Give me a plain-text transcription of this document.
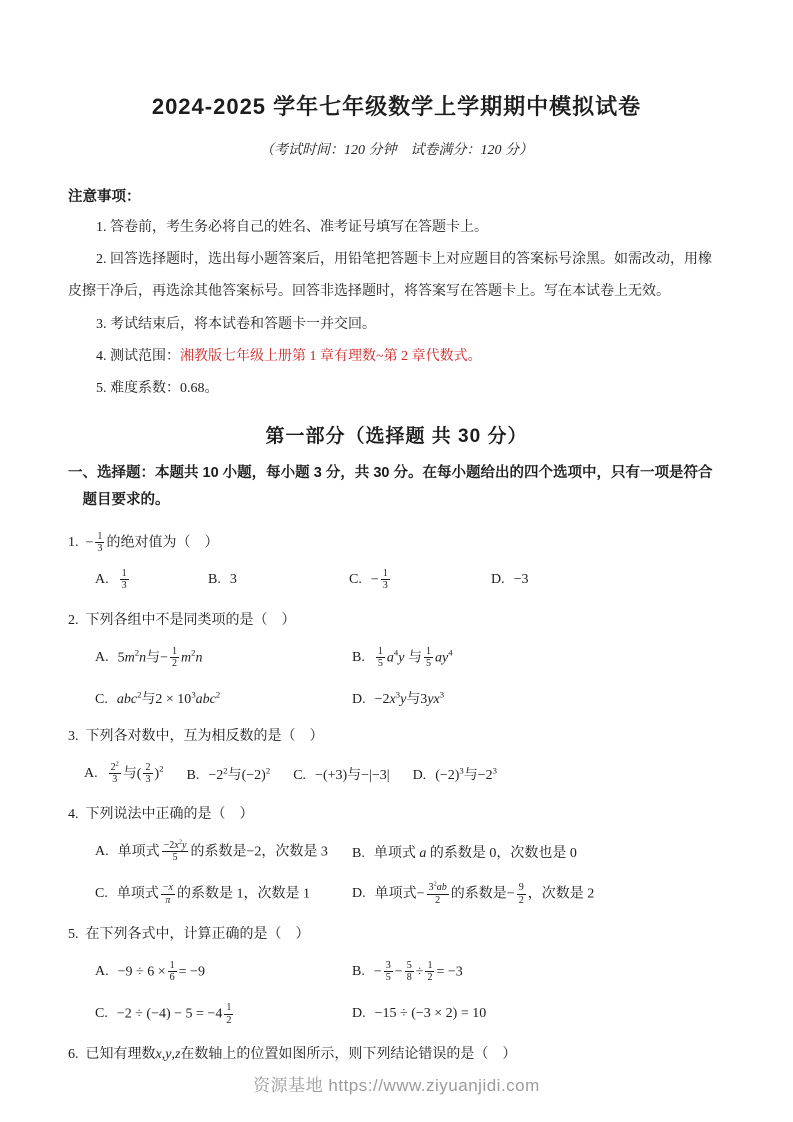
2024-2025 学年七年级数学上学期期中模拟试卷
（考试时间：120 分钟　试卷满分：120 分）
注意事项：

1. 答卷前，考生务必将自己的姓名、准考证号填写在答题卡上。

2. 回答选择题时，选出每小题答案后，用铅笔把答题卡上对应题目的答案标号涂黑。如需改动，用橡皮擦干净后，再选涂其他答案标号。回答非选择题时，将答案写在答题卡上。写在本试卷上无效。

3. 考试结束后，将本试卷和答题卡一并交回。

4. 测试范围：湘教版七年级上册第 1 章有理数~第 2 章代数式。

5. 难度系数：0.68。

第一部分（选择题 共 30 分）

一、选择题：本题共 10 小题，每小题 3 分，共 30 分。在每小题给出的四个选项中，只有一项是符合题目要求的。

1. − $\frac{1}{3}$ 的绝对值为（　）
A. $\frac{1}{3}$	B. 3	C. − $\frac{1}{3}$	D. −3
2. 下列各组中不是同类项的是（　）
A. $5m^2n$与− $\frac{1}{2} m^2n$	B. $\frac{1}{5} a^4y$ 与 $\frac{1}{5} ay^4$
C. abc$^2$与$2 \times 10^3abc^2$	D. $-2x^3y$与$3yx^3$
3. 下列各对数中，互为相反数的是（　）
A. $\frac{2^2}{3}$ 与( $\frac{2}{3} )^2$ B. $-2^2$与$(-2)^2$ C. −(+3)与−|−3| D. $(-2)^3$与$-2^3$
4. 下列说法中正确的是（　）
A. 单项式 $\frac{-2x^2y}{5}$ 的系数是−2，次数是 3	B. 单项式 a 的系数是 0，次数也是 0
C. 单项式 $\frac{-x}{\pi}$ 的系数是 1，次数是 1	D. 单项式− $\frac{3^2ab}{2}$ 的系数是− $\frac{9}{2}$ ，次数是 2
5. 在下列各式中，计算正确的是（　）
A. $-9 \div 6 \times \frac{1}{6} = -9$	B. − $\frac{3}{5} - \frac{5}{8} \div \frac{1}{2} = -3$
C. $-2 \div (-4) - 5 = -4 \frac{1}{2}$	D. −15 ÷ (−3 × 2) = 10
6. 已知有理数x,y,z在数轴上的位置如图所示，则下列结论错误的是（　）
资源基地 https://www.ziyuanjidi.com
